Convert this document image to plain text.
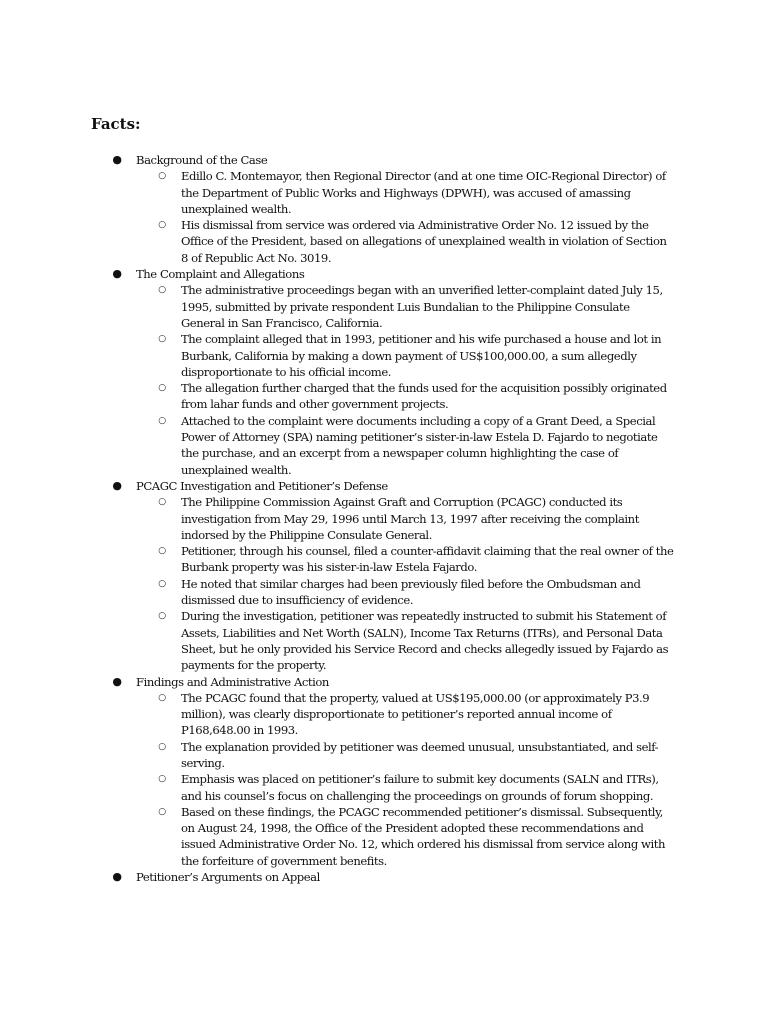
Facts:
● Background of the Case
○ Edillo C. Montemayor, then Regional Director (and at one time OIC-Regional Director) of the Department of Public Works and Highways (DPWH), was accused of amassing unexplained wealth.
○ His dismissal from service was ordered via Administrative Order No. 12 issued by the Office of the President, based on allegations of unexplained wealth in violation of Section 8 of Republic Act No. 3019.
● The Complaint and Allegations
○ The administrative proceedings began with an unverified letter-complaint dated July 15, 1995, submitted by private respondent Luis Bundalian to the Philippine Consulate General in San Francisco, California.
○ The complaint alleged that in 1993, petitioner and his wife purchased a house and lot in Burbank, California by making a down payment of US$100,000.00, a sum allegedly disproportionate to his official income.
○ The allegation further charged that the funds used for the acquisition possibly originated from lahar funds and other government projects.
○ Attached to the complaint were documents including a copy of a Grant Deed, a Special Power of Attorney (SPA) naming petitioner’s sister-in-law Estela D. Fajardo to negotiate the purchase, and an excerpt from a newspaper column highlighting the case of unexplained wealth.
● PCAGC Investigation and Petitioner’s Defense
○ The Philippine Commission Against Graft and Corruption (PCAGC) conducted its investigation from May 29, 1996 until March 13, 1997 after receiving the complaint indorsed by the Philippine Consulate General.
○ Petitioner, through his counsel, filed a counter-affidavit claiming that the real owner of the Burbank property was his sister-in-law Estela Fajardo.
○ He noted that similar charges had been previously filed before the Ombudsman and dismissed due to insufficiency of evidence.
○ During the investigation, petitioner was repeatedly instructed to submit his Statement of Assets, Liabilities and Net Worth (SALN), Income Tax Returns (ITRs), and Personal Data Sheet, but he only provided his Service Record and checks allegedly issued by Fajardo as payments for the property.
● Findings and Administrative Action
○ The PCAGC found that the property, valued at US$195,000.00 (or approximately P3.9 million), was clearly disproportionate to petitioner’s reported annual income of P168,648.00 in 1993.
○ The explanation provided by petitioner was deemed unusual, unsubstantiated, and self-serving.
○ Emphasis was placed on petitioner’s failure to submit key documents (SALN and ITRs), and his counsel’s focus on challenging the proceedings on grounds of forum shopping.
○ Based on these findings, the PCAGC recommended petitioner’s dismissal. Subsequently, on August 24, 1998, the Office of the President adopted these recommendations and issued Administrative Order No. 12, which ordered his dismissal from service along with the forfeiture of government benefits.
● Petitioner’s Arguments on Appeal
